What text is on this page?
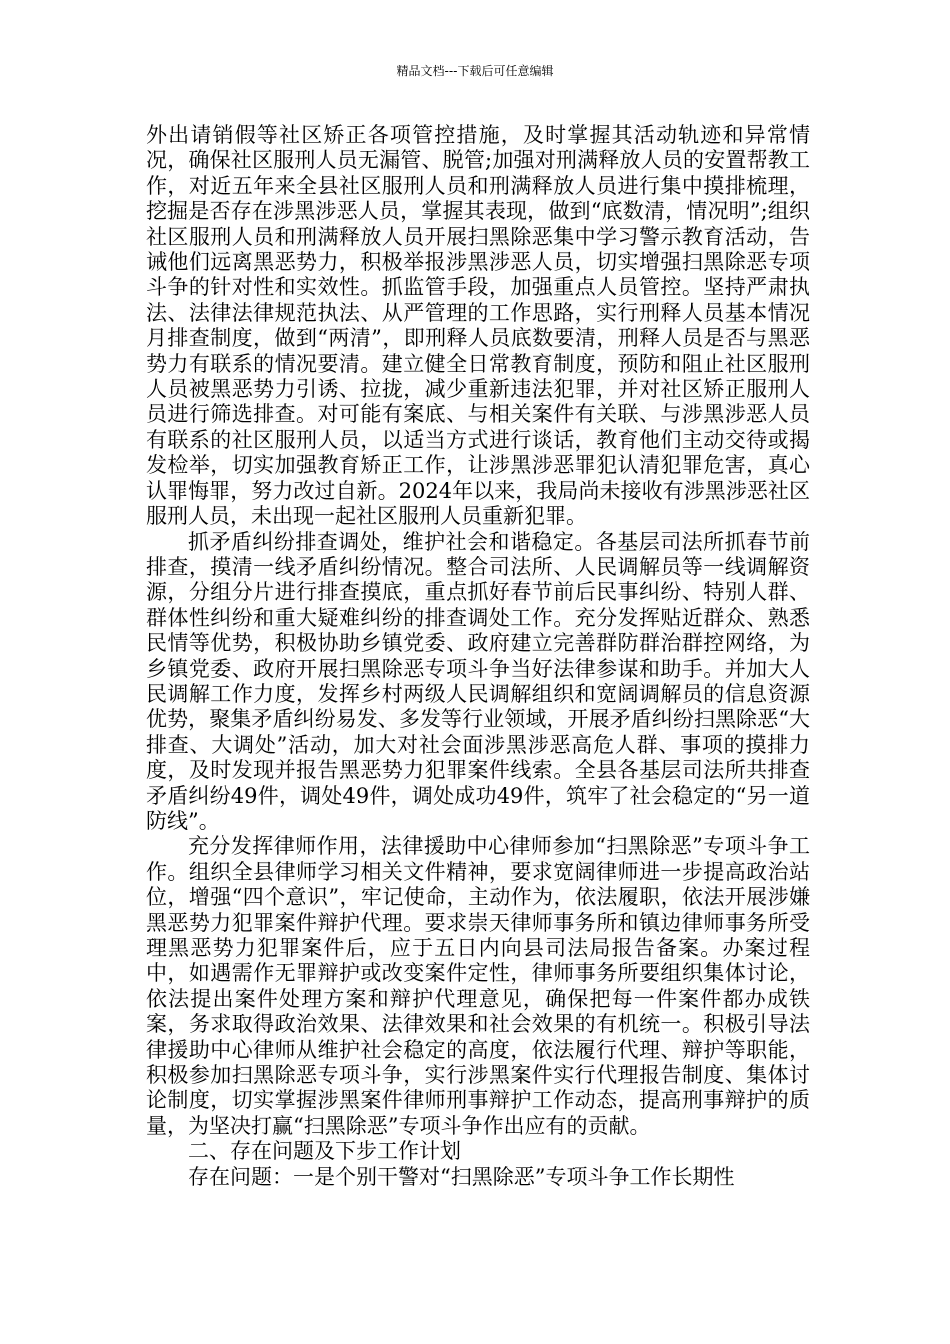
精品文档---下载后可任意编辑

外出请销假等社区矫正各项管控措施，及时掌握其活动轨迹和异常情况，确保社区服刑人员无漏管、脱管;加强对刑满释放人员的安置帮教工作，对近五年来全县社区服刑人员和刑满释放人员进行集中摸排梳理，挖掘是否存在涉黑涉恶人员，掌握其表现，做到“底数清，情况明”;组织社区服刑人员和刑满释放人员开展扫黑除恶集中学习警示教育活动，告诫他们远离黑恶势力，积极举报涉黑涉恶人员，切实增强扫黑除恶专项斗争的针对性和实效性。抓监管手段，加强重点人员管控。坚持严肃执法、法律法律规范执法、从严管理的工作思路，实行刑释人员基本情况月排查制度，做到“两清”，即刑释人员底数要清，刑释人员是否与黑恶势力有联系的情况要清。建立健全日常教育制度，预防和阻止社区服刑人员被黑恶势力引诱、拉拢，减少重新违法犯罪，并对社区矫正服刑人员进行筛选排查。对可能有案底、与相关案件有关联、与涉黑涉恶人员有联系的社区服刑人员，以适当方式进行谈话，教育他们主动交待或揭发检举，切实加强教育矫正工作，让涉黑涉恶罪犯认清犯罪危害，真心认罪悔罪，努力改过自新。2024年以来，我局尚未接收有涉黑涉恶社区服刑人员，未出现一起社区服刑人员重新犯罪。

抓矛盾纠纷排查调处，维护社会和谐稳定。各基层司法所抓春节前排查，摸清一线矛盾纠纷情况。整合司法所、人民调解员等一线调解资源，分组分片进行排查摸底，重点抓好春节前后民事纠纷、特别人群、群体性纠纷和重大疑难纠纷的排查调处工作。充分发挥贴近群众、熟悉民情等优势，积极协助乡镇党委、政府建立完善群防群治群控网络，为乡镇党委、政府开展扫黑除恶专项斗争当好法律参谋和助手。并加大人民调解工作力度，发挥乡村两级人民调解组织和宽阔调解员的信息资源优势，聚集矛盾纠纷易发、多发等行业领域，开展矛盾纠纷扫黑除恶“大排查、大调处”活动，加大对社会面涉黑涉恶高危人群、事项的摸排力度，及时发现并报告黑恶势力犯罪案件线索。全县各基层司法所共排查矛盾纠纷49件，调处49件，调处成功49件，筑牢了社会稳定的“另一道防线”。

充分发挥律师作用，法律援助中心律师参加“扫黑除恶”专项斗争工作。组织全县律师学习相关文件精神，要求宽阔律师进一步提高政治站位，增强“四个意识”，牢记使命，主动作为，依法履职，依法开展涉嫌黑恶势力犯罪案件辩护代理。要求崇天律师事务所和镇边律师事务所受理黑恶势力犯罪案件后，应于五日内向县司法局报告备案。办案过程中，如遇需作无罪辩护或改变案件定性，律师事务所要组织集体讨论，依法提出案件处理方案和辩护代理意见，确保把每一件案件都办成铁案，务求取得政治效果、法律效果和社会效果的有机统一。积极引导法律援助中心律师从维护社会稳定的高度，依法履行代理、辩护等职能，积极参加扫黑除恶专项斗争，实行涉黑案件实行代理报告制度、集体讨论制度，切实掌握涉黑案件律师刑事辩护工作动态，提高刑事辩护的质量，为坚决打赢“扫黑除恶”专项斗争作出应有的贡献。

二、存在问题及下步工作计划

存在问题：一是个别干警对“扫黑除恶”专项斗争工作长期性
